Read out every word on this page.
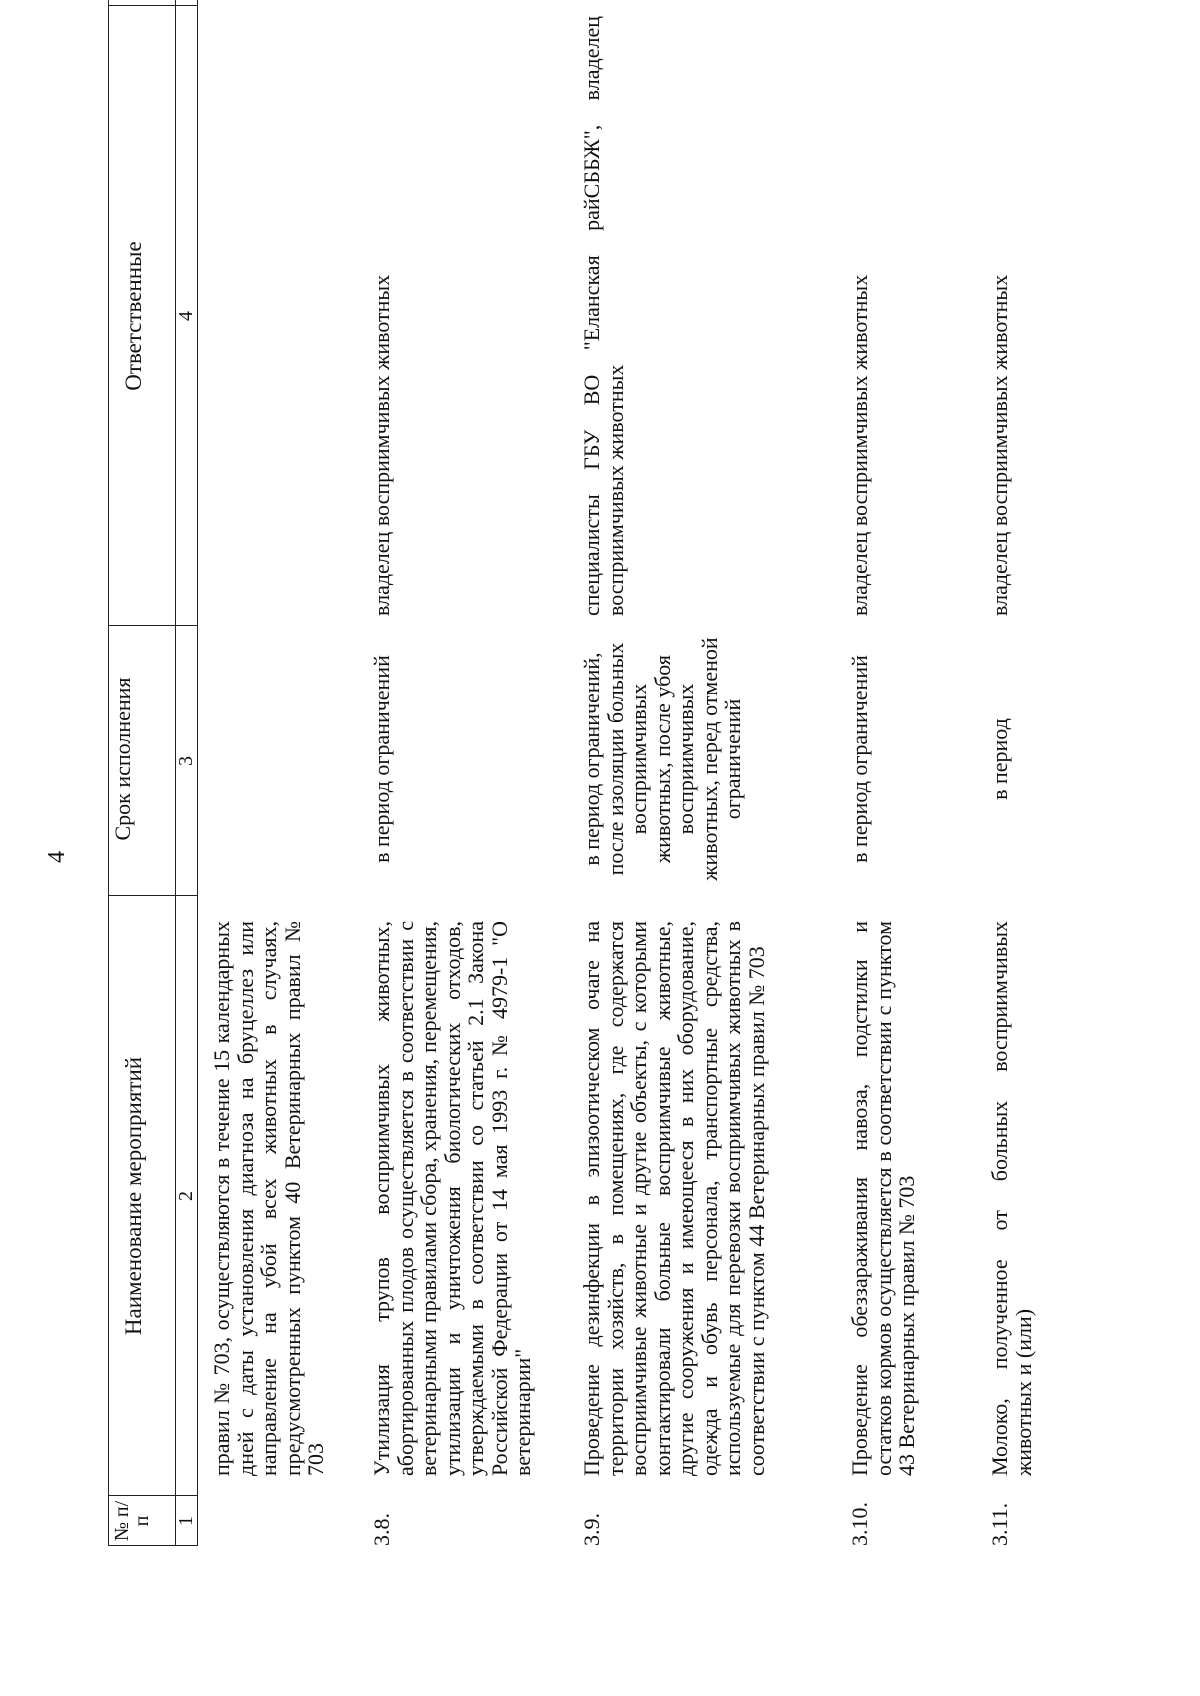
4
№ п/п
Наименование мероприятий
Срок исполнения
Ответственные
1
2
3
4
правил № 703, осуществляются в течение 15 календарных дней с даты установления диагноза на бруцеллез или направление на убой всех животных в случаях, предусмотренных пунктом 40 Ветеринарных правил № 703
3.8.
Утилизация трупов восприимчивых животных, абортированных плодов осуществляется в соответствии с ветеринарными правилами сбора, хранения, перемещения, утилизации и уничтожения биологических отходов, утверждаемыми в соответствии со статьей 2.1 Закона Российской Федерации от 14 мая 1993 г. № 4979-1 "О ветеринарии"
в период ограничений
владелец восприимчивых животных
3.9.
Проведение дезинфекции в эпизоотическом очаге на территории хозяйств, в помещениях, где содержатся восприимчивые животные и другие объекты, с которыми контактировали больные восприимчивые животные, другие сооружения и имеющееся в них оборудование, одежда и обувь персонала, транспортные средства, используемые для перевозки восприимчивых животных в соответствии с пунктом 44 Ветеринарных правил № 703
в период ограничений, после изоляции больных восприимчивых животных, после убоя восприимчивых животных, перед отменой ограничений
специалисты ГБУ ВО "Еланская райСББЖ", владелец восприимчивых животных
3.10.
Проведение обеззараживания навоза, подстилки и остатков кормов осуществляется в соответствии с пунктом 43 Ветеринарных правил № 703
в период ограничений
владелец восприимчивых животных
3.11.
Молоко, полученное от больных восприимчивых животных и (или)
в период
владелец восприимчивых животных
